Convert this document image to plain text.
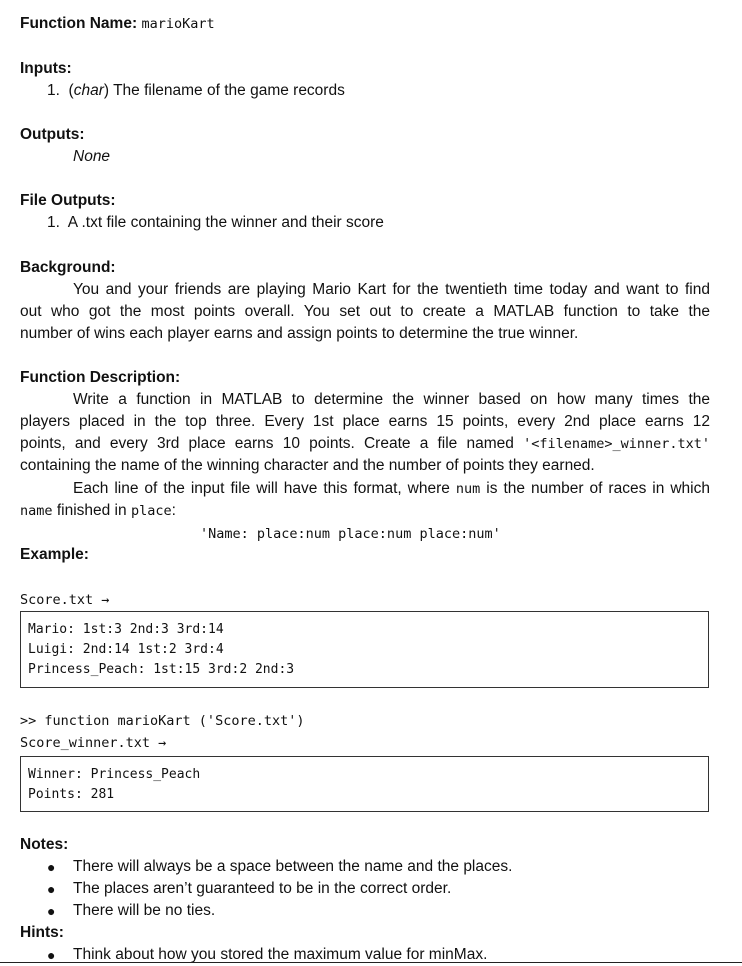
Function Name: marioKart
Inputs:
1.  (char) The filename of the game records
Outputs:
None
File Outputs:
1. A .txt file containing the winner and their score
Background:
You and your friends are playing Mario Kart for the twentieth time today and want to find
out who got the most points overall. You set out to create a MATLAB function to take the
number of wins each player earns and assign points to determine the true winner.
Function Description:
Write a function in MATLAB to determine the winner based on how many times the
players placed in the top three. Every 1st place earns 15 points, every 2nd place earns 12
points, and every 3rd place earns 10 points. Create a file named '<filename>_winner.txt'
containing the name of the winning character and the number of points they earned.
Each line of the input file will have this format, where num is the number of races in which
name finished in place:
'Name: place:num place:num place:num'
Example:
Score.txt →
Mario: 1st:3 2nd:3 3rd:14
Luigi: 2nd:14 1st:2 3rd:4
Princess_Peach: 1st:15 3rd:2 2nd:3
>> function marioKart ('Score.txt')
Score_winner.txt →
Winner: Princess_Peach
Points: 281
Notes:
● There will always be a space between the name and the places.
● The places aren’t guaranteed to be in the correct order.
● There will be no ties.
Hints:
● Think about how you stored the maximum value for minMax.
